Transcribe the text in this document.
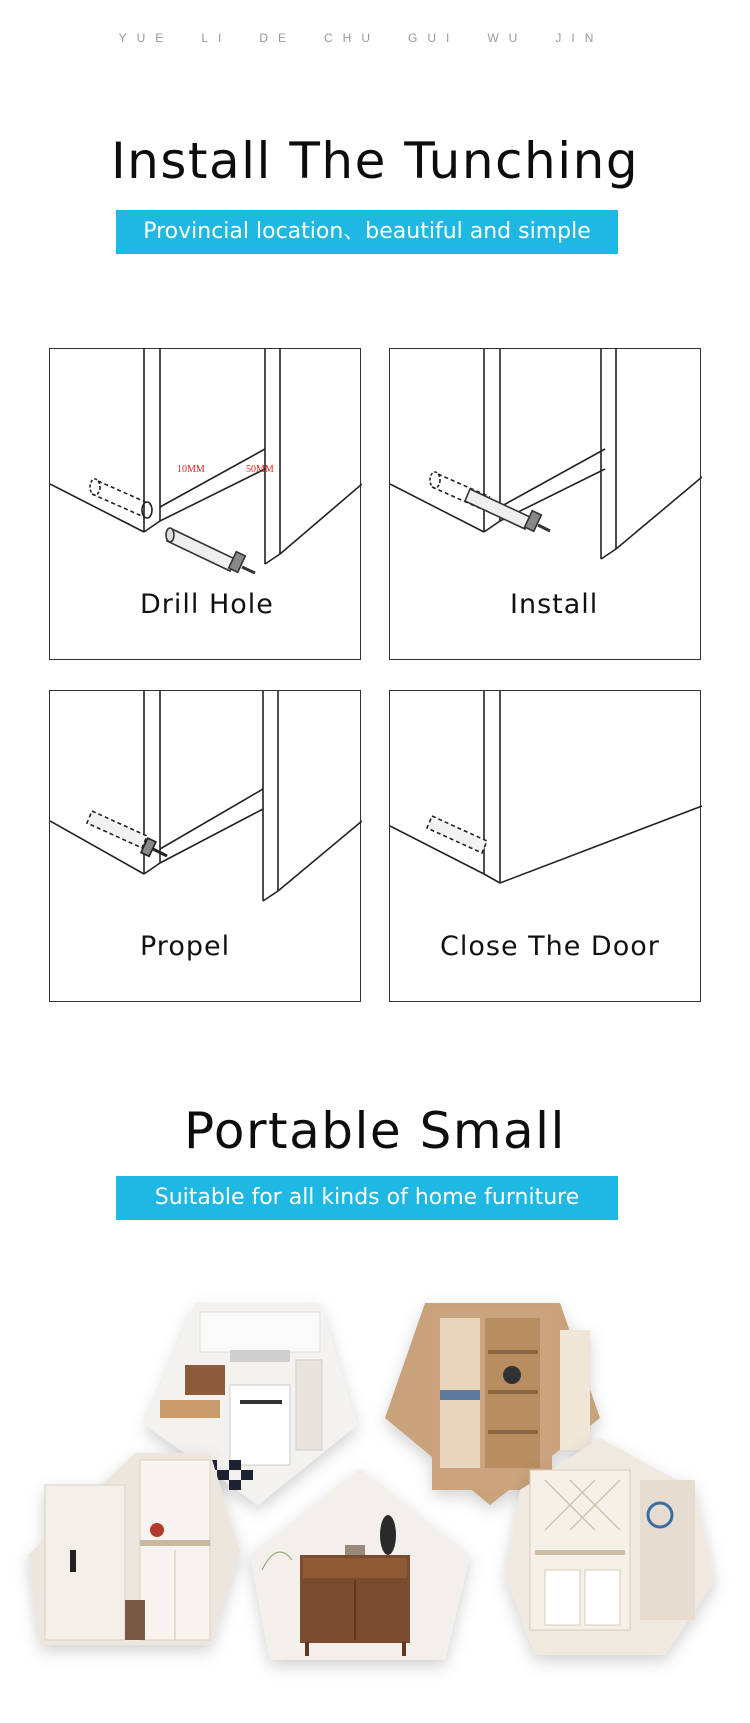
YUE LI DE CHU GUI WU JIN
Install The Tunching
Provincial location、beautiful and simple
10MM	50MM
Drill Hole	Install
Propel	Close The Door
Portable Small
Suitable for all kinds of home furniture
